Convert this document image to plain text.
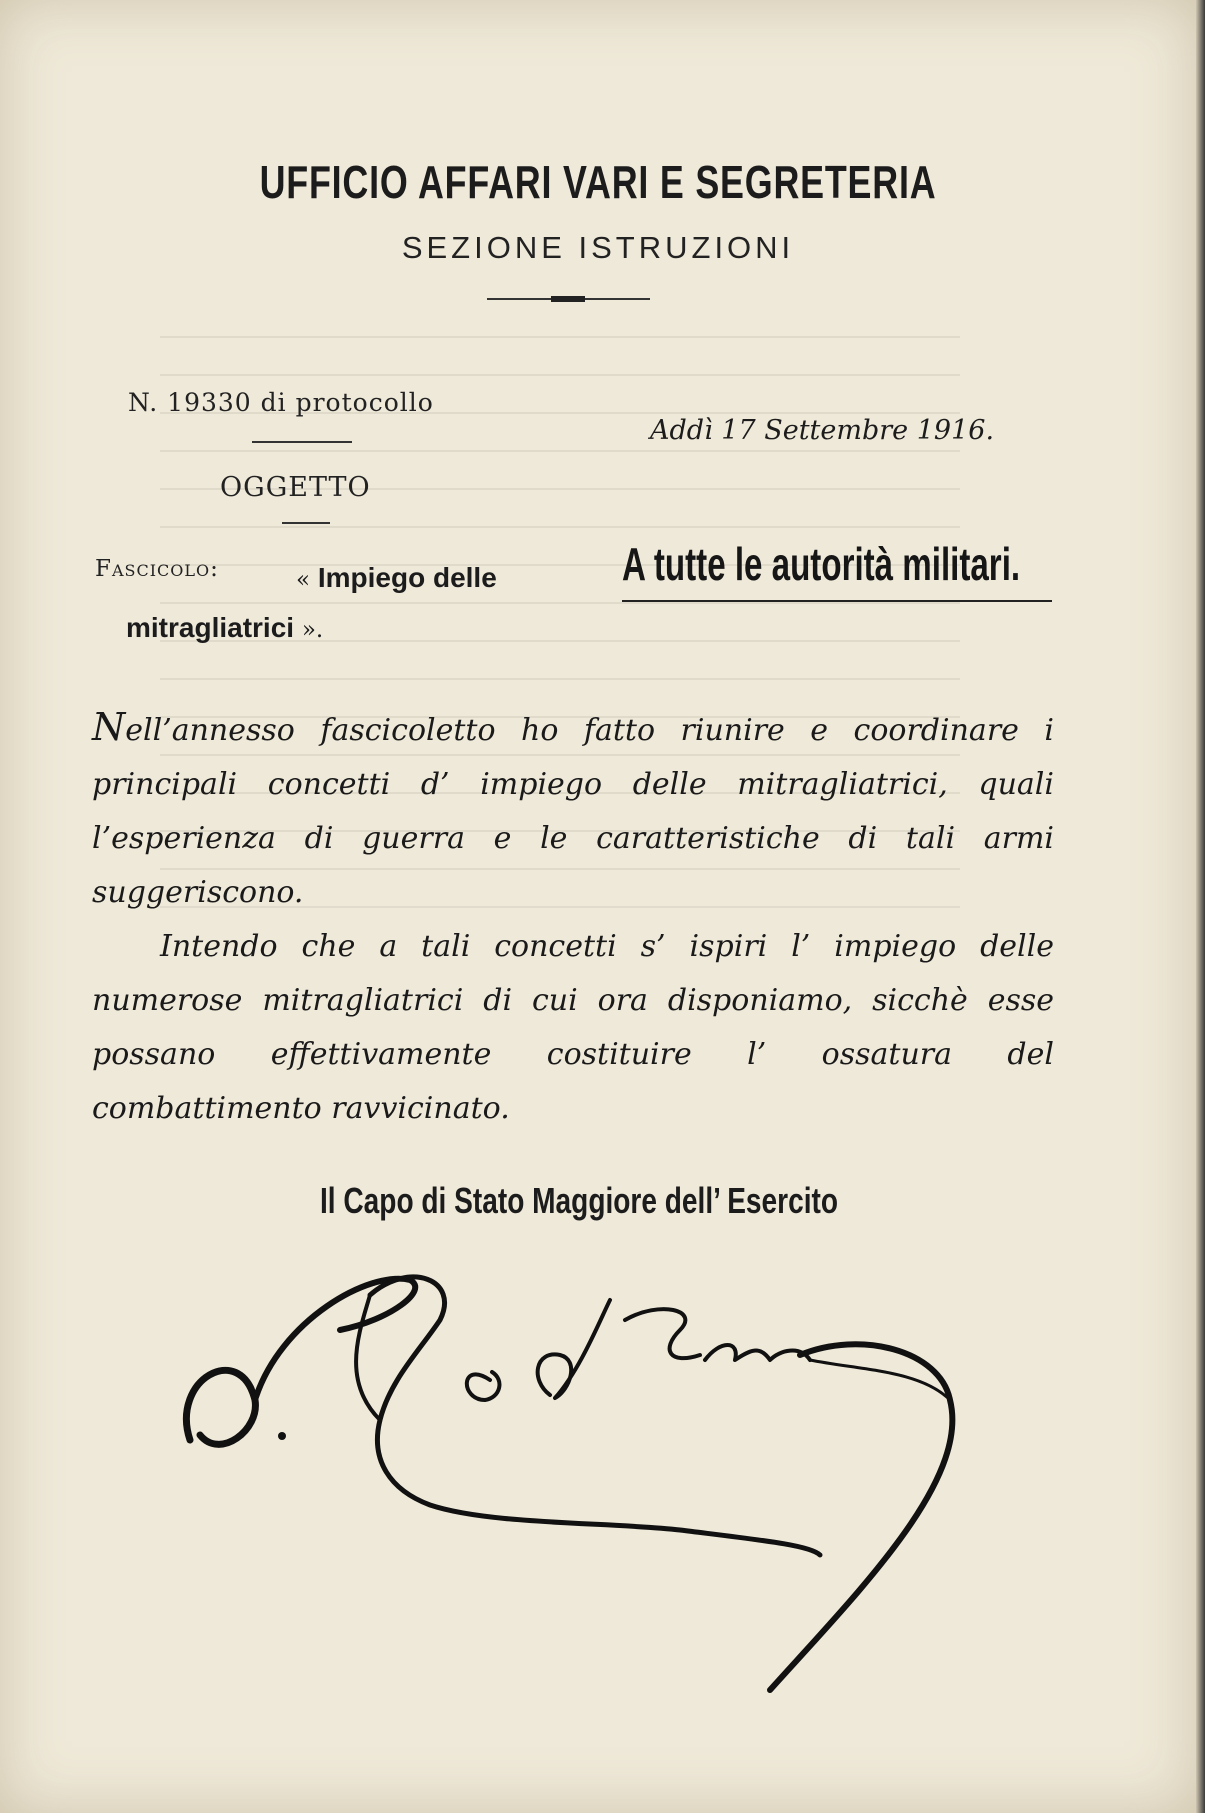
UFFICIO AFFARI VARI E SEGRETERIA
SEZIONE ISTRUZIONI
N. 19330 di protocollo
OGGETTO
Addì 17 Settembre 1916.
Fascicolo:	« Impiego delle
mitragliatrici ».
A tutte le autorità militari.

Nell’annesso fascicoletto ho fatto riunire e coordinare i principali concetti d’ impiego delle mitragliatrici, quali l’esperienza di guerra e le caratteristiche di tali armi suggeriscono.

Intendo che a tali concetti s’ ispiri l’ impiego delle numerose mitragliatrici di cui ora disponiamo, sicchè esse possano effettivamente costituire l’ ossatura del combattimento ravvicinato.

Il Capo di Stato Maggiore dell’ Esercito
